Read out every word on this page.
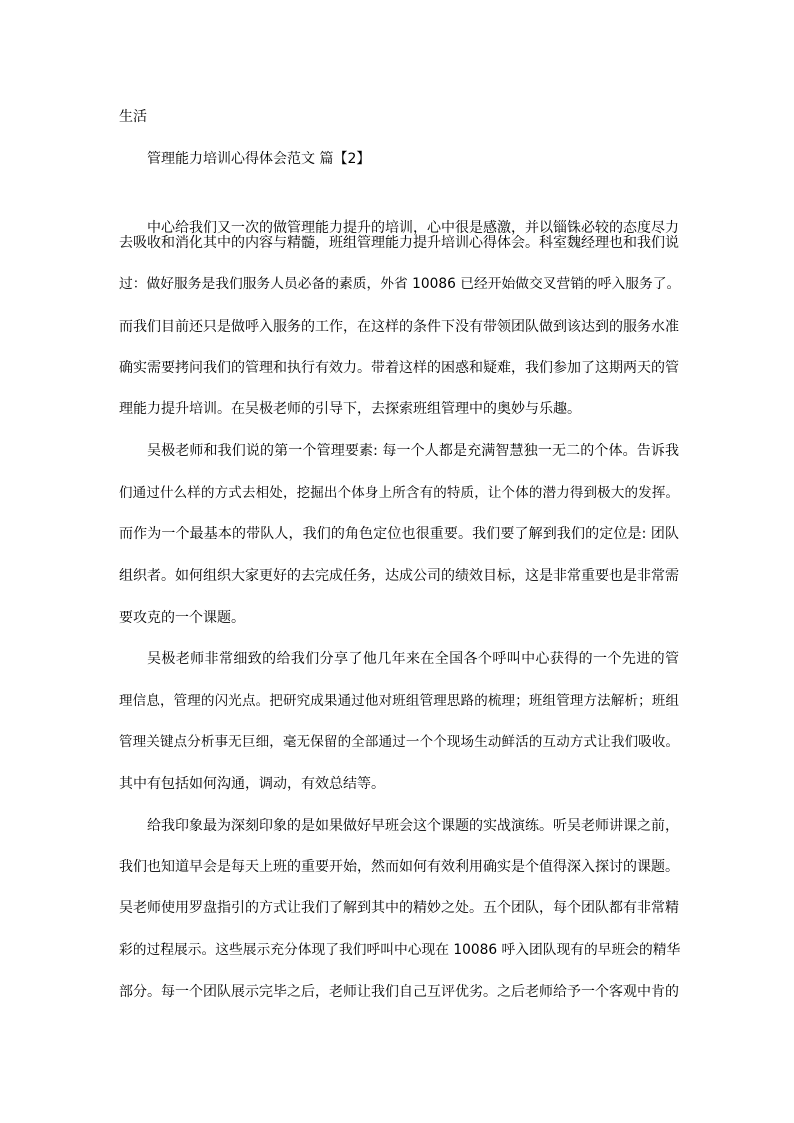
生活
管理能力培训心得体会范文 篇【2】
中心给我们又一次的做管理能力提升的培训，心中很是感激，并以锱铢必较的态度尽力
去吸收和消化其中的内容与精髓，班组管理能力提升培训心得体会。科室魏经理也和我们说
过：做好服务是我们服务人员必备的素质，外省 10086 已经开始做交叉营销的呼入服务了。
而我们目前还只是做呼入服务的工作，在这样的条件下没有带领团队做到该达到的服务水准
确实需要拷问我们的管理和执行有效力。带着这样的困惑和疑难，我们参加了这期两天的管
理能力提升培训。在吴极老师的引导下，去探索班组管理中的奥妙与乐趣。
吴极老师和我们说的第一个管理要素: 每一个人都是充满智慧独一无二的个体。告诉我
们通过什么样的方式去相处，挖掘出个体身上所含有的特质，让个体的潜力得到极大的发挥。
而作为一个最基本的带队人，我们的角色定位也很重要。我们要了解到我们的定位是: 团队
组织者。如何组织大家更好的去完成任务，达成公司的绩效目标，这是非常重要也是非常需
要攻克的一个课题。
吴极老师非常细致的给我们分享了他几年来在全国各个呼叫中心获得的一个先进的管
理信息，管理的闪光点。把研究成果通过他对班组管理思路的梳理；班组管理方法解析；班组
管理关键点分析事无巨细，毫无保留的全部通过一个个现场生动鲜活的互动方式让我们吸收。
其中有包括如何沟通，调动，有效总结等。
给我印象最为深刻印象的是如果做好早班会这个课题的实战演练。听吴老师讲课之前，
我们也知道早会是每天上班的重要开始，然而如何有效利用确实是个值得深入探讨的课题。
吴老师使用罗盘指引的方式让我们了解到其中的精妙之处。五个团队，每个团队都有非常精
彩的过程展示。这些展示充分体现了我们呼叫中心现在 10086 呼入团队现有的早班会的精华
部分。每一个团队展示完毕之后，老师让我们自己互评优劣。之后老师给予一个客观中肯的
